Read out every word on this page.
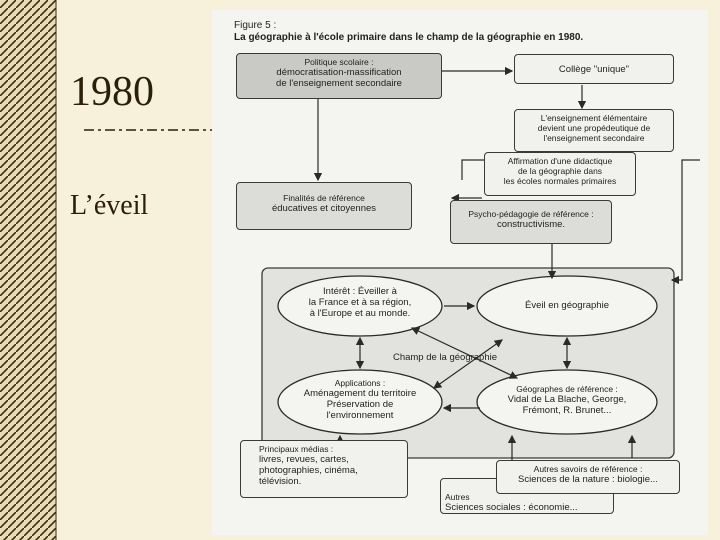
1980
L’éveil
Figure 5 :
La géographie à l'école primaire dans le champ de la géographie en 1980.
Politique scolaire :
démocratisation-massification
de l'enseignement secondaire
Collège "unique"
L'enseignement élémentaire
devient une propédeutique de
l'enseignement secondaire
Affirmation d'une didactique
de la géographie dans
les écoles normales primaires
Finalités de référence
éducatives et citoyennes	Psycho-pédagogie de référence :
constructivisme.
Intérêt : Éveiller à
la France et à sa région,
à l'Europe et au monde.
Éveil en géographie
Champ de la géographie
Applications :
Aménagement du territoire
Préservation de
l'environnement
Géographes de référence :
Vidal de La Blache, George,
Frémont, R. Brunet...
Principaux médias :
livres, revues, cartes,
photographies, cinéma,
télévision.
Autres
Sciences sociales : économie...
Autres savoirs de référence :
Sciences de la nature : biologie...
